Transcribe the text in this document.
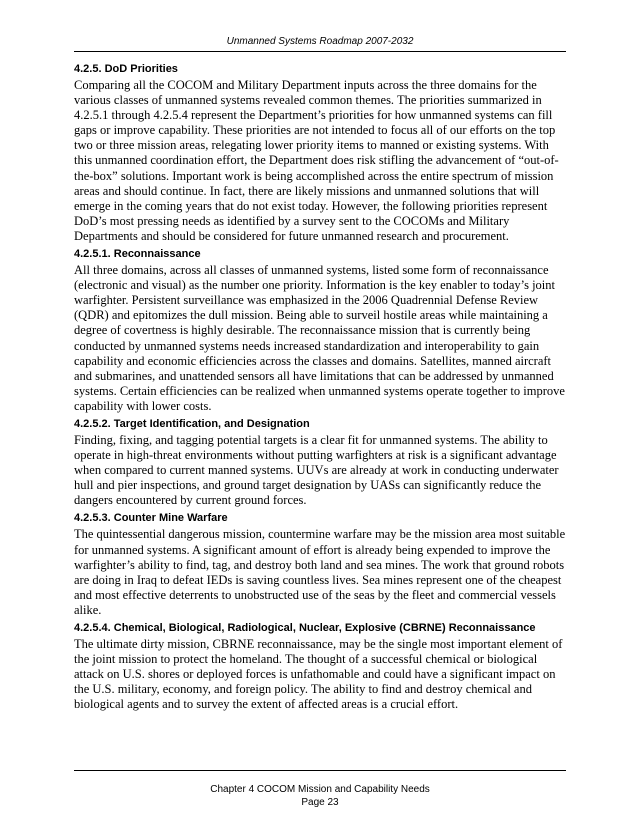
Unmanned Systems Roadmap 2007-2032
4.2.5. DoD Priorities

Comparing all the COCOM and Military Department inputs across the three domains for the various classes of unmanned systems revealed common themes. The priorities summarized in 4.2.5.1 through 4.2.5.4 represent the Department’s priorities for how unmanned systems can fill gaps or improve capability. These priorities are not intended to focus all of our efforts on the top two or three mission areas, relegating lower priority items to manned or existing systems. With this unmanned coordination effort, the Department does risk stifling the advancement of “out-of-the-box” solutions. Important work is being accomplished across the entire spectrum of mission areas and should continue. In fact, there are likely missions and unmanned solutions that will emerge in the coming years that do not exist today. However, the following priorities represent DoD’s most pressing needs as identified by a survey sent to the COCOMs and Military Departments and should be considered for future unmanned research and procurement.

4.2.5.1. Reconnaissance

All three domains, across all classes of unmanned systems, listed some form of reconnaissance (electronic and visual) as the number one priority. Information is the key enabler to today’s joint warfighter. Persistent surveillance was emphasized in the 2006 Quadrennial Defense Review (QDR) and epitomizes the dull mission. Being able to surveil hostile areas while maintaining a degree of covertness is highly desirable. The reconnaissance mission that is currently being conducted by unmanned systems needs increased standardization and interoperability to gain capability and economic efficiencies across the classes and domains. Satellites, manned aircraft and submarines, and unattended sensors all have limitations that can be addressed by unmanned systems. Certain efficiencies can be realized when unmanned systems operate together to improve capability with lower costs.

4.2.5.2. Target Identification, and Designation

Finding, fixing, and tagging potential targets is a clear fit for unmanned systems. The ability to operate in high-threat environments without putting warfighters at risk is a significant advantage when compared to current manned systems. UUVs are already at work in conducting underwater hull and pier inspections, and ground target designation by UASs can significantly reduce the dangers encountered by current ground forces.

4.2.5.3. Counter Mine Warfare

The quintessential dangerous mission, countermine warfare may be the mission area most suitable for unmanned systems. A significant amount of effort is already being expended to improve the warfighter’s ability to find, tag, and destroy both land and sea mines. The work that ground robots are doing in Iraq to defeat IEDs is saving countless lives. Sea mines represent one of the cheapest and most effective deterrents to unobstructed use of the seas by the fleet and commercial vessels alike.

4.2.5.4. Chemical, Biological, Radiological, Nuclear, Explosive (CBRNE) Reconnaissance

The ultimate dirty mission, CBRNE reconnaissance, may be the single most important element of the joint mission to protect the homeland. The thought of a successful chemical or biological attack on U.S. shores or deployed forces is unfathomable and could have a significant impact on the U.S. military, economy, and foreign policy. The ability to find and destroy chemical and biological agents and to survey the extent of affected areas is a crucial effort.

Chapter 4 COCOM Mission and Capability Needs
Page 23
